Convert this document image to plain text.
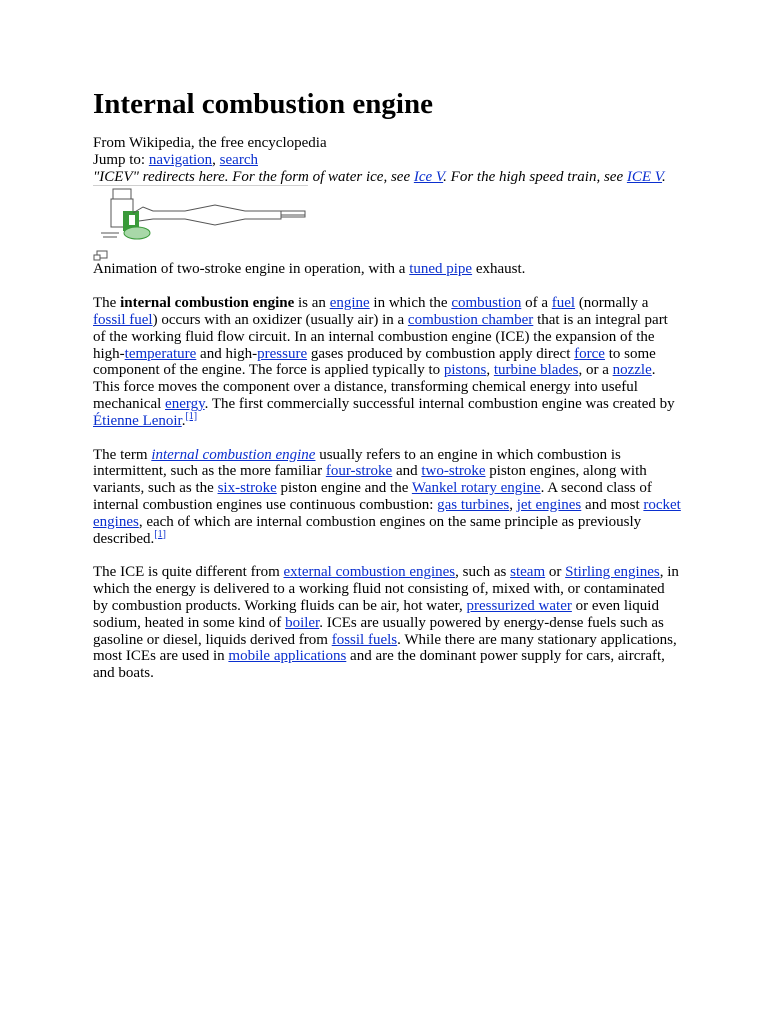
Internal combustion engine
From Wikipedia, the free encyclopedia
Jump to: navigation, search
"ICEV" redirects here. For the form of water ice, see Ice V. For the high speed train, see ICE V.
Animation of two-stroke engine in operation, with a tuned pipe exhaust.

The internal combustion engine is an engine in which the combustion of a fuel (normally a fossil fuel) occurs with an oxidizer (usually air) in a combustion chamber that is an integral part of the working fluid flow circuit. In an internal combustion engine (ICE) the expansion of the high-temperature and high-pressure gases produced by combustion apply direct force to some component of the engine. The force is applied typically to pistons, turbine blades, or a nozzle. This force moves the component over a distance, transforming chemical energy into useful mechanical energy. The first commercially successful internal combustion engine was created by Étienne Lenoir.[1]

The term internal combustion engine usually refers to an engine in which combustion is intermittent, such as the more familiar four-stroke and two-stroke piston engines, along with variants, such as the six-stroke piston engine and the Wankel rotary engine. A second class of internal combustion engines use continuous combustion: gas turbines, jet engines and most rocket engines, each of which are internal combustion engines on the same principle as previously described.[1]

The ICE is quite different from external combustion engines, such as steam or Stirling engines, in which the energy is delivered to a working fluid not consisting of, mixed with, or contaminated by combustion products. Working fluids can be air, hot water, pressurized water or even liquid sodium, heated in some kind of boiler. ICEs are usually powered by energy-dense fuels such as gasoline or diesel, liquids derived from fossil fuels. While there are many stationary applications, most ICEs are used in mobile applications and are the dominant power supply for cars, aircraft, and boats.
